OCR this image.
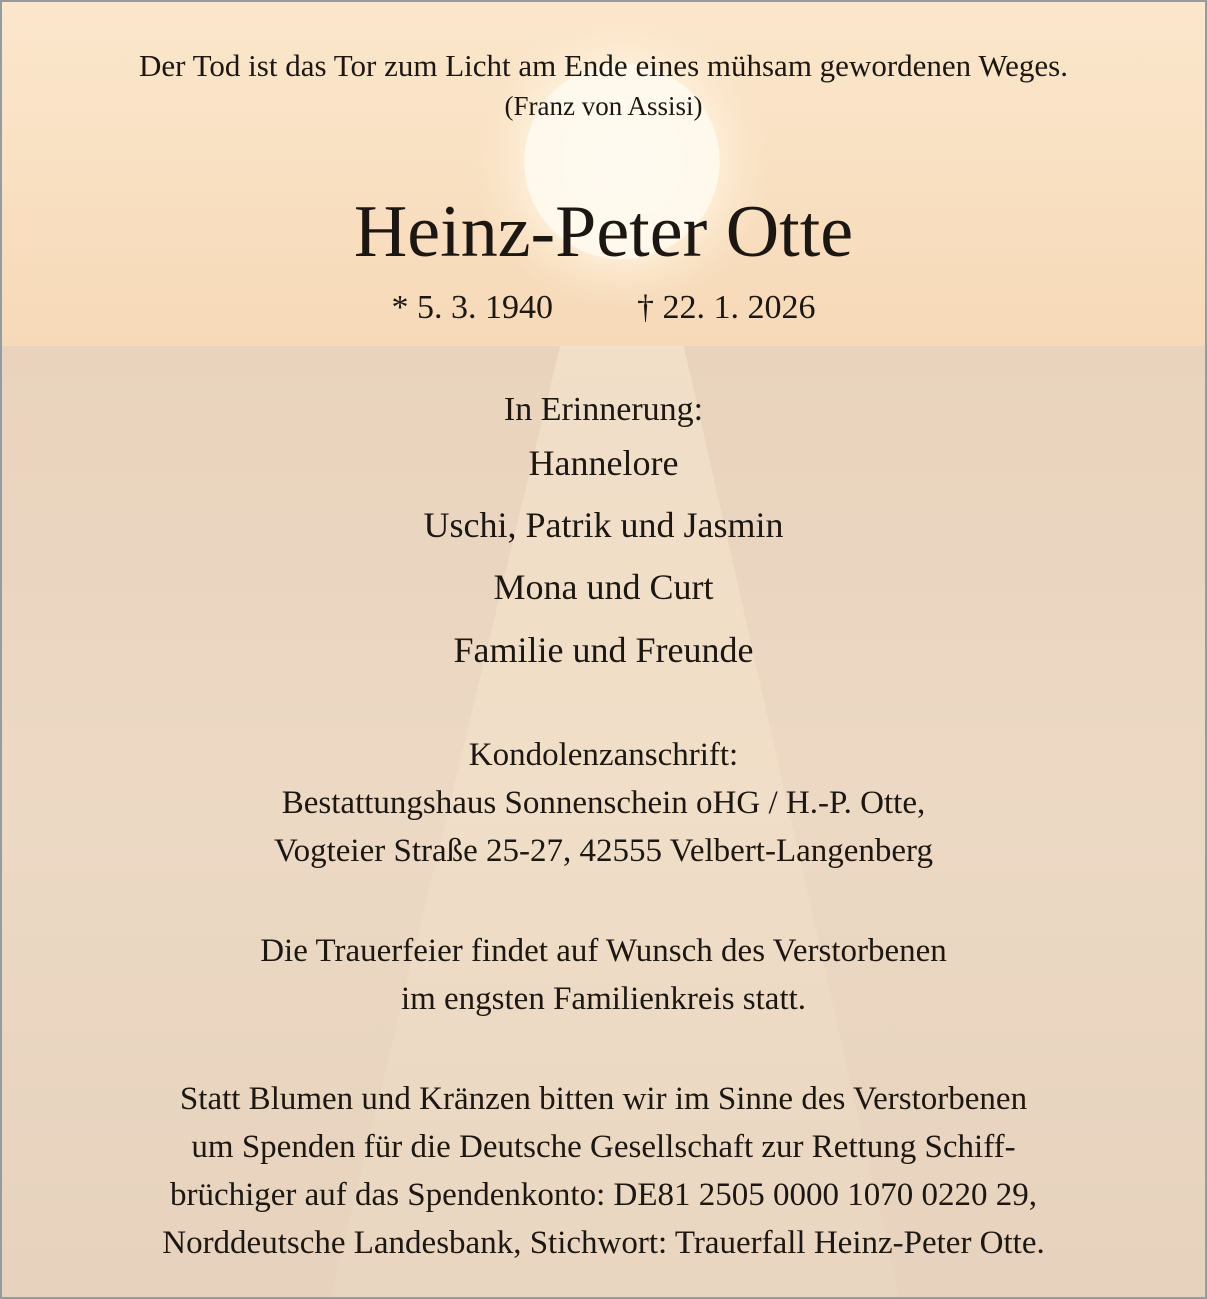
Der Tod ist das Tor zum Licht am Ende eines mühsam gewordenen Weges.
(Franz von Assisi)
Heinz-Peter Otte
* 5. 3. 1940 † 22. 1. 2026
In Erinnerung:
Hannelore
Uschi, Patrik und Jasmin
Mona und Curt
Familie und Freunde
Kondolenzanschrift:
Bestattungshaus Sonnenschein oHG / H.-P. Otte,
Vogteier Straße 25-27, 42555 Velbert-Langenberg
Die Trauerfeier findet auf Wunsch des Verstorbenen
im engsten Familienkreis statt.
Statt Blumen und Kränzen bitten wir im Sinne des Verstorbenen
um Spenden für die Deutsche Gesellschaft zur Rettung Schiff-
brüchiger auf das Spendenkonto: DE81 2505 0000 1070 0220 29,
Norddeutsche Landesbank, Stichwort: Trauerfall Heinz-Peter Otte.
